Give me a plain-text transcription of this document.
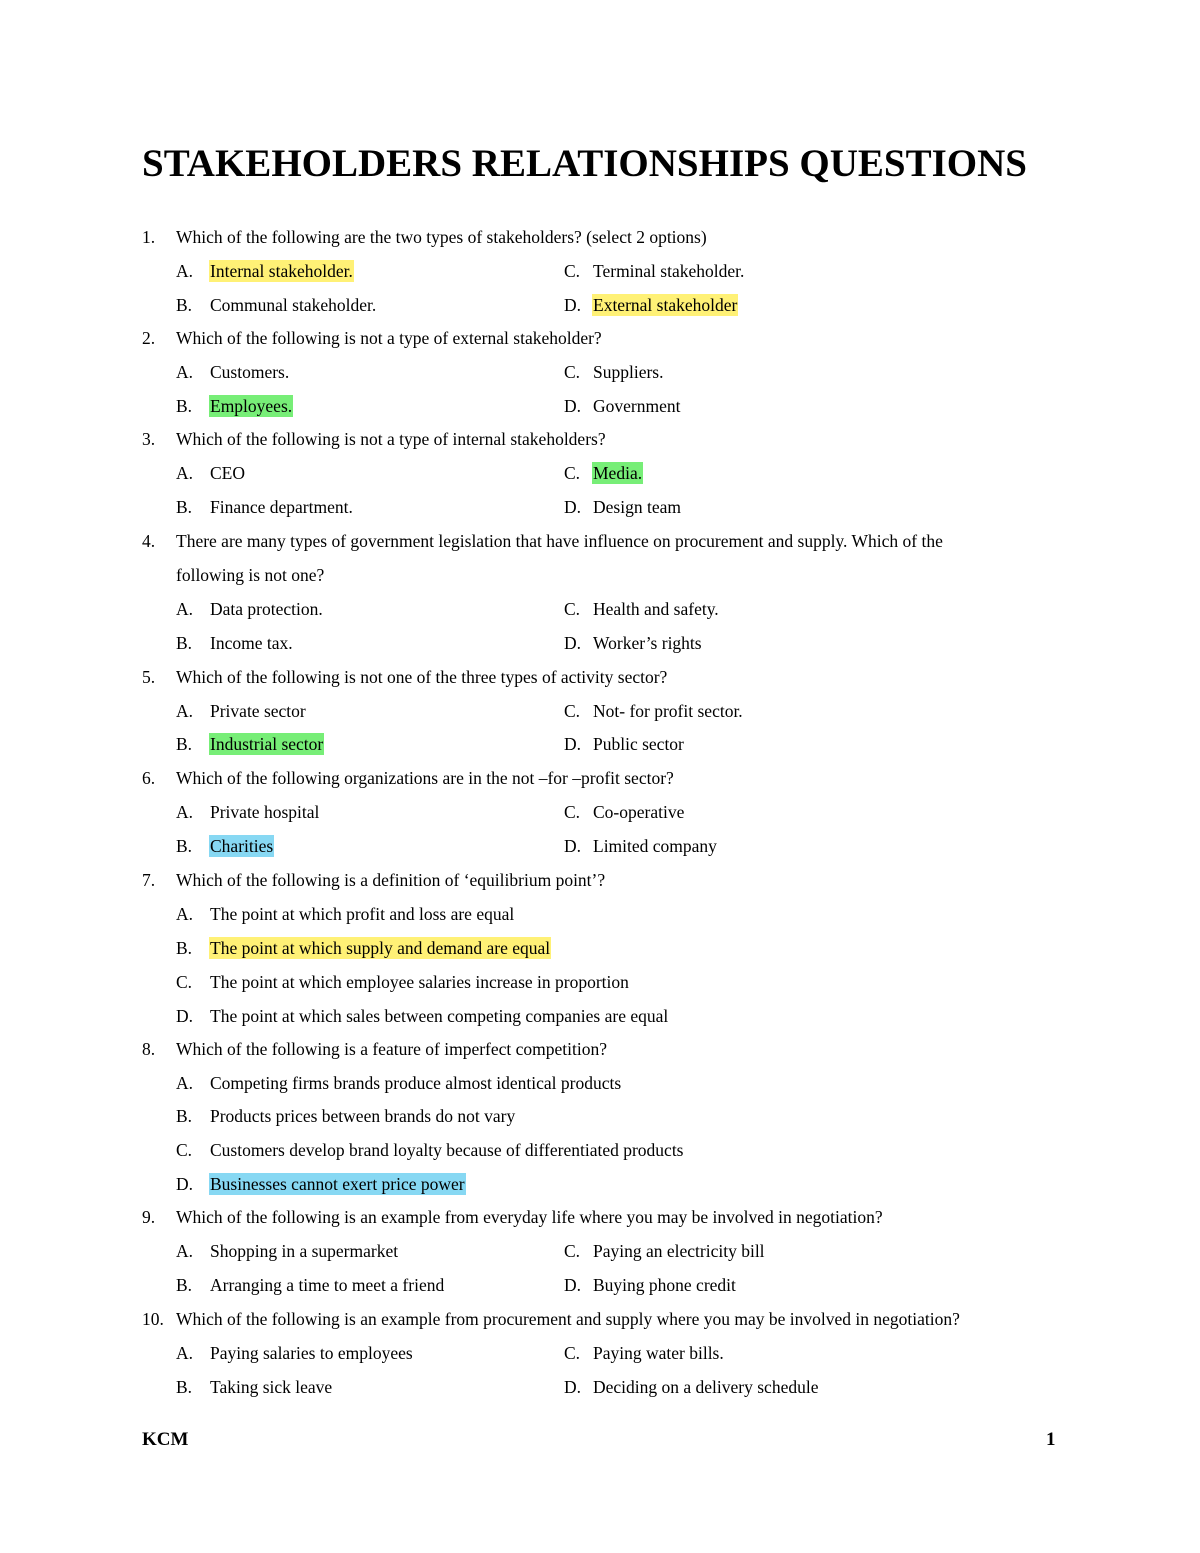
STAKEHOLDERS RELATIONSHIPS QUESTIONS
1. Which of the following are the two types of stakeholders? (select 2 options)
A. Internal stakeholder.	C. Terminal stakeholder.
B. Communal stakeholder.	D. External stakeholder
2. Which of the following is not a type of external stakeholder?
A. Customers.	C. Suppliers.
B. Employees.	D. Government
3. Which of the following is not a type of internal stakeholders?
A. CEO	C. Media.
B. Finance department.	D. Design team
4. There are many types of government legislation that have influence on procurement and supply. Which of the
following is not one?
A. Data protection.	C. Health and safety.
B. Income tax.	D. Worker’s rights
5. Which of the following is not one of the three types of activity sector?
A. Private sector	C. Not- for profit sector.
B. Industrial sector	D. Public sector
6. Which of the following organizations are in the not –for –profit sector?
A. Private hospital	C. Co-operative
B. Charities	D. Limited company
7. Which of the following is a definition of ‘equilibrium point’?
A. The point at which profit and loss are equal
B. The point at which supply and demand are equal
C. The point at which employee salaries increase in proportion
D. The point at which sales between competing companies are equal
8. Which of the following is a feature of imperfect competition?
A. Competing firms brands produce almost identical products
B. Products prices between brands do not vary
C. Customers develop brand loyalty because of differentiated products
D. Businesses cannot exert price power
9. Which of the following is an example from everyday life where you may be involved in negotiation?
A. Shopping in a supermarket	C. Paying an electricity bill
B. Arranging a time to meet a friend	D. Buying phone credit
10. Which of the following is an example from procurement and supply where you may be involved in negotiation?
A. Paying salaries to employees	C. Paying water bills.
B. Taking sick leave	D. Deciding on a delivery schedule
KCM	1
